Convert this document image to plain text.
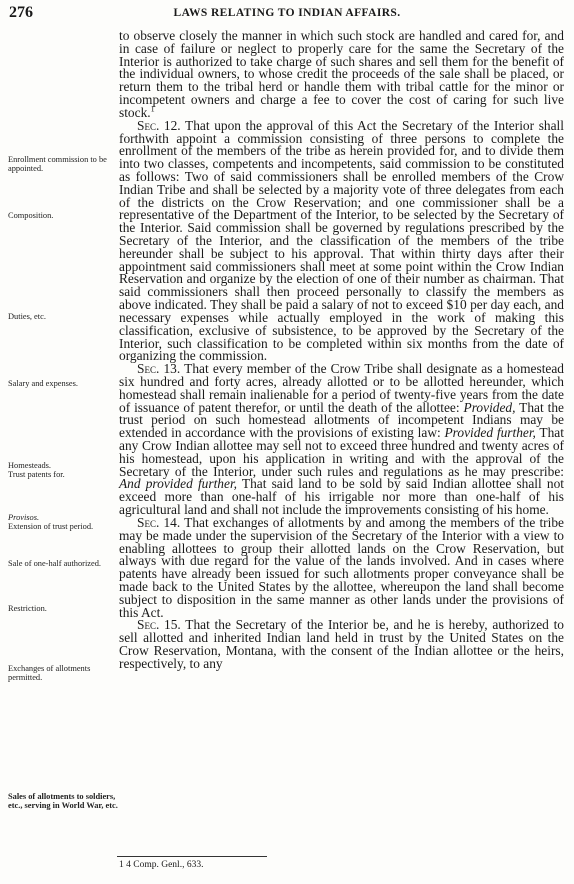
276	LAWS RELATING TO INDIAN AFFAIRS.
Enrollment commission to be appointed.
Composition.
Duties, etc.
Salary and expenses.
Homesteads.
Trust patents for.
Provisos.
Extension of trust period.
Sale of one-half authorized.
Restriction.
Exchanges of allotments permitted.
Sales of allotments to soldiers, etc., serving in World War, etc.

to observe closely the manner in which such stock are handled and cared for, and in case of failure or neglect to properly care for the same the Secretary of the Interior is authorized to take charge of such shares and sell them for the benefit of the individual owners, to whose credit the proceeds of the sale shall be placed, or return them to the tribal herd or handle them with tribal cattle for the minor or incompetent owners and charge a fee to cover the cost of caring for such live stock.$^1$

Sec. 12. That upon the approval of this Act the Secretary of the Interior shall forthwith appoint a commission consisting of three persons to complete the enrollment of the members of the tribe as herein provided for, and to divide them into two classes, competents and incompetents, said commission to be constituted as follows: Two of said commissioners shall be enrolled members of the Crow Indian Tribe and shall be selected by a majority vote of three delegates from each of the districts on the Crow Reservation; and one commissioner shall be a representative of the Department of the Interior, to be selected by the Secretary of the Interior. Said commission shall be governed by regulations prescribed by the Secretary of the Interior, and the classification of the members of the tribe hereunder shall be subject to his approval. That within thirty days after their appointment said commissioners shall meet at some point within the Crow Indian Reservation and organize by the election of one of their number as chairman. That said commissioners shall then proceed personally to classify the members as above indicated. They shall be paid a salary of not to exceed $10 per day each, and necessary expenses while actually employed in the work of making this classification, exclusive of subsistence, to be approved by the Secretary of the Interior, such classification to be completed within six months from the date of organizing the commission.

Sec. 13. That every member of the Crow Tribe shall designate as a homestead six hundred and forty acres, already allotted or to be allotted hereunder, which homestead shall remain inalienable for a period of twenty-five years from the date of issuance of patent therefor, or until the death of the allottee: Provided, That the trust period on such homestead allotments of incompetent Indians may be extended in accordance with the provisions of existing law: Provided further, That any Crow Indian allottee may sell not to exceed three hundred and twenty acres of his homestead, upon his application in writing and with the approval of the Secretary of the Interior, under such rules and regulations as he may prescribe: And provided further, That said land to be sold by said Indian allottee shall not exceed more than one-half of his irrigable nor more than one-half of his agricultural land and shall not include the improvements consisting of his home.

Sec. 14. That exchanges of allotments by and among the members of the tribe may be made under the supervision of the Secretary of the Interior with a view to enabling allottees to group their allotted lands on the Crow Reservation, but always with due regard for the value of the lands involved. And in cases where patents have already been issued for such allotments proper conveyance shall be made back to the United States by the allottee, whereupon the land shall become subject to disposition in the same manner as other lands under the provisions of this Act.

Sec. 15. That the Secretary of the Interior be, and he is hereby, authorized to sell allotted and inherited Indian land held in trust by the United States on the Crow Reservation, Montana, with the consent of the Indian allottee or the heirs, respectively, to any

1 4 Comp. Genl., 633.
